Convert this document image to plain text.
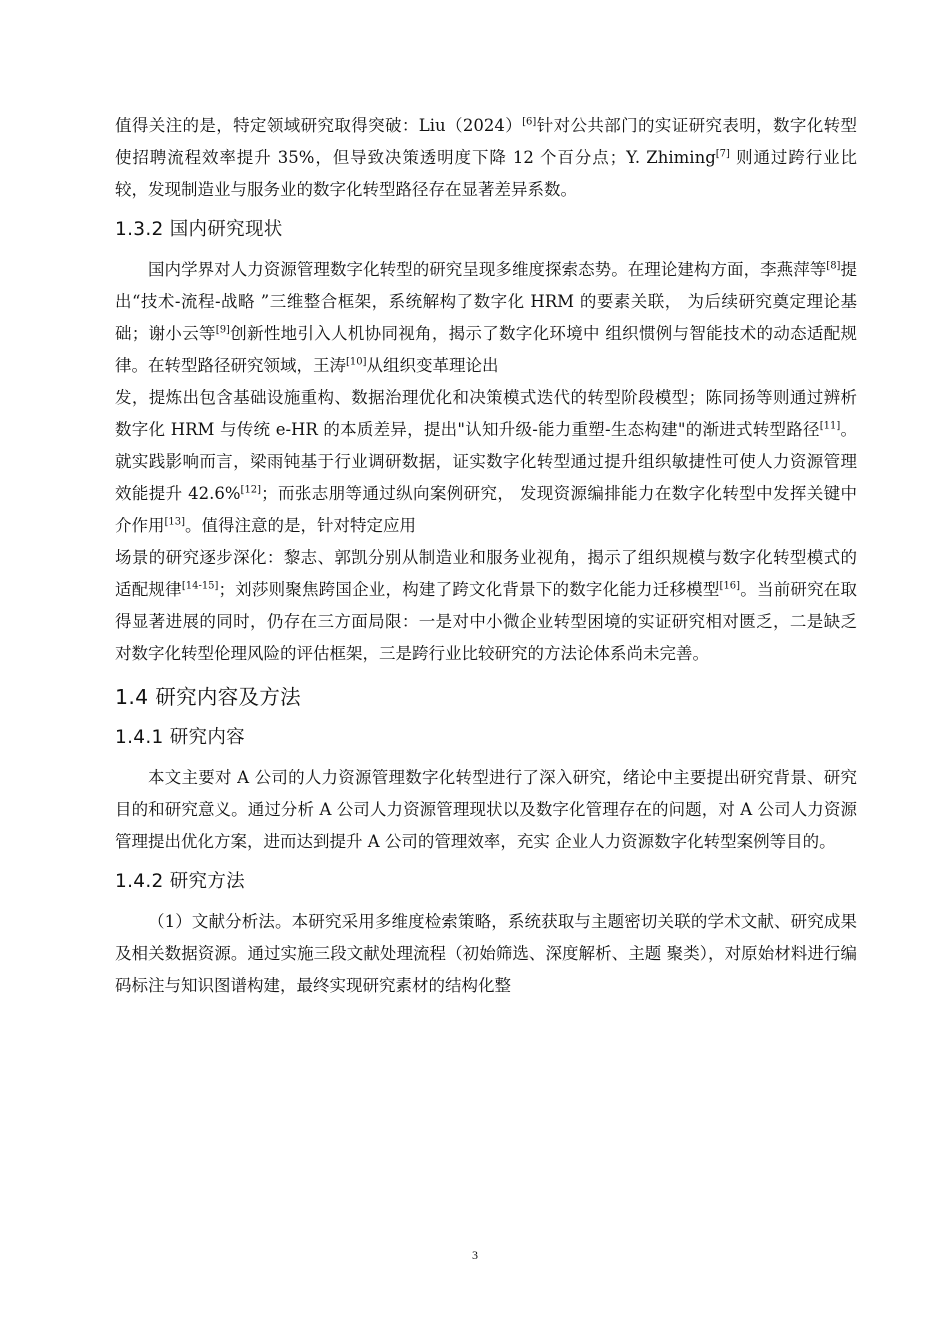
值得关注的是，特定领域研究取得突破：Liu（2024）[6]针对公共部门的实证研究表明，数字化转型使招聘流程效率提升 35%，但导致决策透明度下降 12 个百分点；Y. Zhiming[7] 则通过跨行业比较，发现制造业与服务业的数字化转型路径存在显著差异系数。

1.3.2 国内研究现状

国内学界对人力资源管理数字化转型的研究呈现多维度探索态势。在理论建构方面，李燕萍等[8]提出“技术-流程-战略 ”三维整合框架，系统解构了数字化 HRM 的要素关联， 为后续研究奠定理论基础；谢小云等[9]创新性地引入人机协同视角，揭示了数字化环境中 组织惯例与智能技术的动态适配规律。在转型路径研究领域，王涛[10]从组织变革理论出

发，提炼出包含基础设施重构、数据治理优化和决策模式迭代的转型阶段模型；陈同扬等则通过辨析数字化 HRM 与传统 e-HR 的本质差异，提出"认知升级-能力重塑-生态构建"的渐进式转型路径[11]。就实践影响而言，梁雨钝基于行业调研数据，证实数字化转型通过提升组织敏捷性可使人力资源管理效能提升 42.6%[12]；而张志朋等通过纵向案例研究， 发现资源编排能力在数字化转型中发挥关键中介作用[13]。值得注意的是，针对特定应用

场景的研究逐步深化：黎志、郭凯分别从制造业和服务业视角，揭示了组织规模与数字化转型模式的适配规律[14-15]；刘莎则聚焦跨国企业，构建了跨文化背景下的数字化能力迁移模型[16]。当前研究在取得显著进展的同时，仍存在三方面局限：一是对中小微企业转型困境的实证研究相对匮乏，二是缺乏对数字化转型伦理风险的评估框架，三是跨行业比较研究的方法论体系尚未完善。

1.4 研究内容及方法
1.4.1 研究内容

本文主要对 A 公司的人力资源管理数字化转型进行了深入研究，绪论中主要提出研究背景、研究目的和研究意义。通过分析 A 公司人力资源管理现状以及数字化管理存在的问题，对 A 公司人力资源管理提出优化方案，进而达到提升 A 公司的管理效率，充实 企业人力资源数字化转型案例等目的。

1.4.2 研究方法

（1）文献分析法。本研究采用多维度检索策略，系统获取与主题密切关联的学术文献、研究成果及相关数据资源。通过实施三段文献处理流程（初始筛选、深度解析、主题 聚类），对原始材料进行编码标注与知识图谱构建，最终实现研究素材的结构化整

3
